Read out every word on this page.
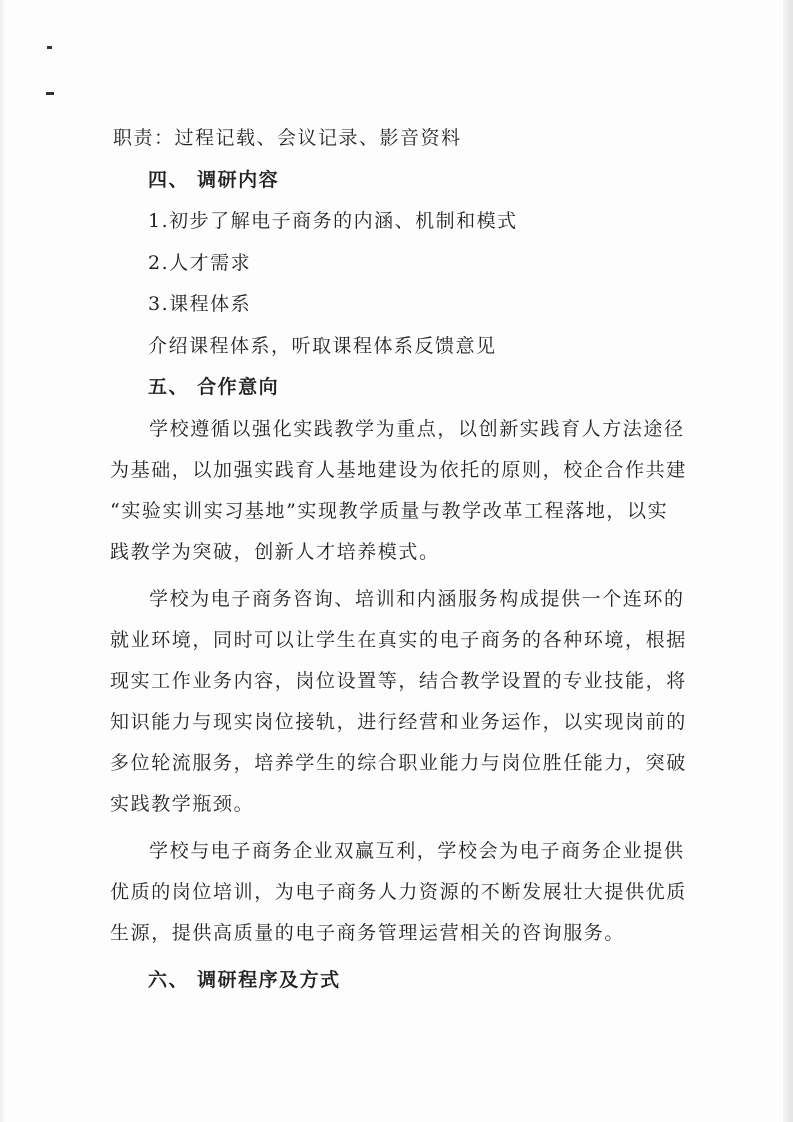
职责：过程记载、会议记录、影音资料
四、 调研内容
1.初步了解电子商务的内涵、机制和模式
2.人才需求
3.课程体系
介绍课程体系，听取课程体系反馈意见
五、 合作意向
学校遵循以强化实践教学为重点，以创新实践育人方法途径
为基础，以加强实践育人基地建设为依托的原则，校企合作共建
“实验实训实习基地”实现教学质量与教学改革工程落地，以实
践教学为突破，创新人才培养模式。
学校为电子商务咨询、培训和内涵服务构成提供一个连环的
就业环境，同时可以让学生在真实的电子商务的各种环境，根据
现实工作业务内容，岗位设置等，结合教学设置的专业技能，将
知识能力与现实岗位接轨，进行经营和业务运作，以实现岗前的
多位轮流服务，培养学生的综合职业能力与岗位胜任能力，突破
实践教学瓶颈。
学校与电子商务企业双赢互利，学校会为电子商务企业提供
优质的岗位培训，为电子商务人力资源的不断发展壮大提供优质
生源，提供高质量的电子商务管理运营相关的咨询服务。
六、 调研程序及方式
